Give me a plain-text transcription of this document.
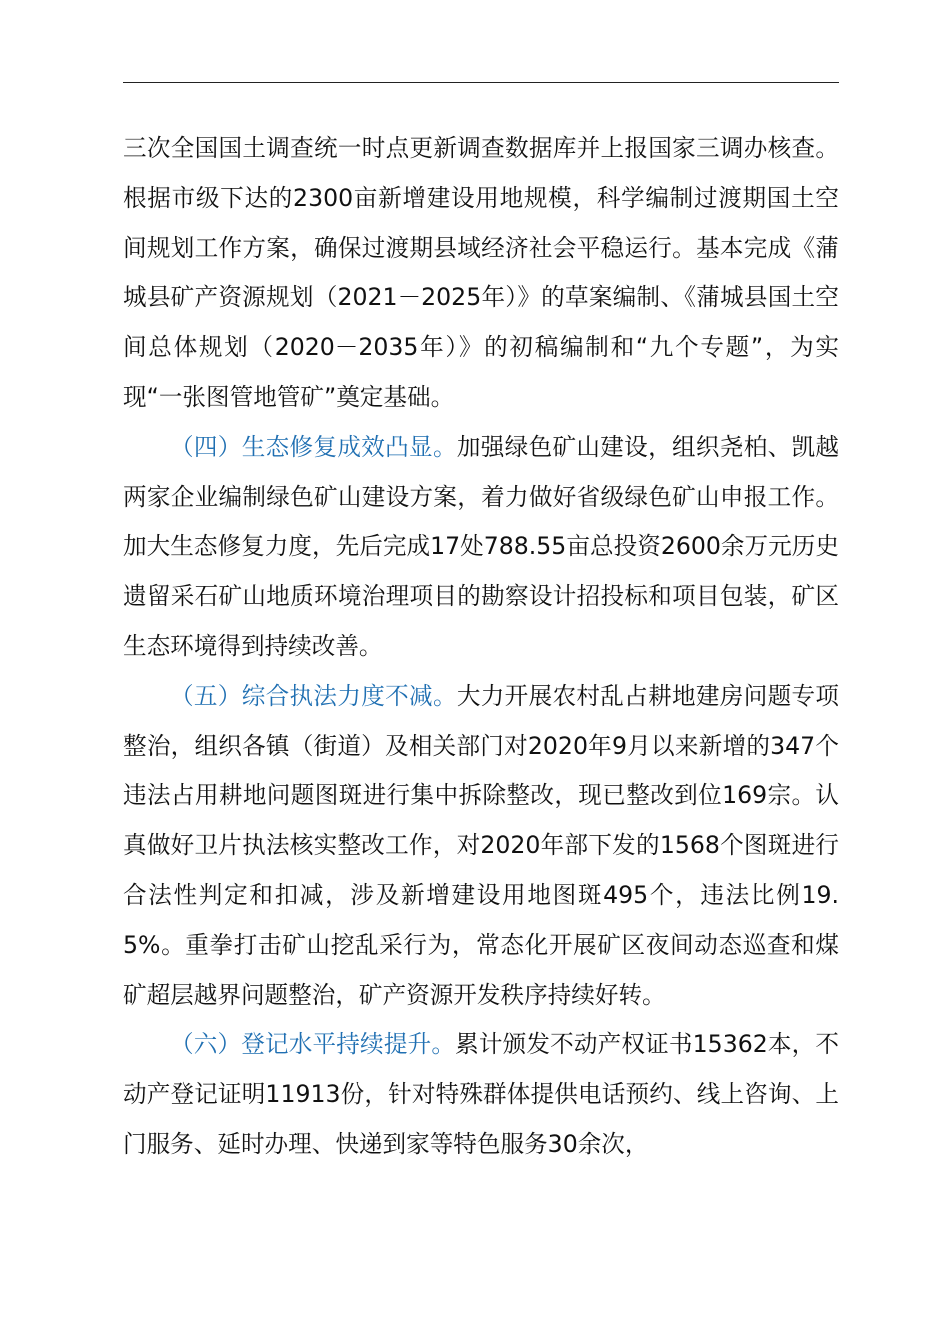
三次全国国土调查统一时点更新调查数据库并上报国家三调办核查。根据市级下达的2300亩新增建设用地规模，科学编制过渡期国土空间规划工作方案，确保过渡期县域经济社会平稳运行。基本完成《蒲城县矿产资源规划（2021－2025年）》的草案编制、《蒲城县国土空间总体规划（2020－2035年）》的初稿编制和“九个专题”，为实现“一张图管地管矿”奠定基础。

（四）生态修复成效凸显。加强绿色矿山建设，组织尧柏、凯越两家企业编制绿色矿山建设方案，着力做好省级绿色矿山申报工作。加大生态修复力度，先后完成17处788.55亩总投资2600余万元历史遗留采石矿山地质环境治理项目的勘察设计招投标和项目包装，矿区生态环境得到持续改善。

（五）综合执法力度不减。大力开展农村乱占耕地建房问题专项整治，组织各镇（街道）及相关部门对2020年9月以来新增的347个违法占用耕地问题图斑进行集中拆除整改，现已整改到位169宗。认真做好卫片执法核实整改工作，对2020年部下发的1568个图斑进行合法性判定和扣减，涉及新增建设用地图斑495个，违法比例19.5%。重拳打击矿山挖乱采行为，常态化开展矿区夜间动态巡查和煤矿超层越界问题整治，矿产资源开发秩序持续好转。

（六）登记水平持续提升。累计颁发不动产权证书15362本，不动产登记证明11913份，针对特殊群体提供电话预约、线上咨询、上门服务、延时办理、快递到家等特色服务30余次，
